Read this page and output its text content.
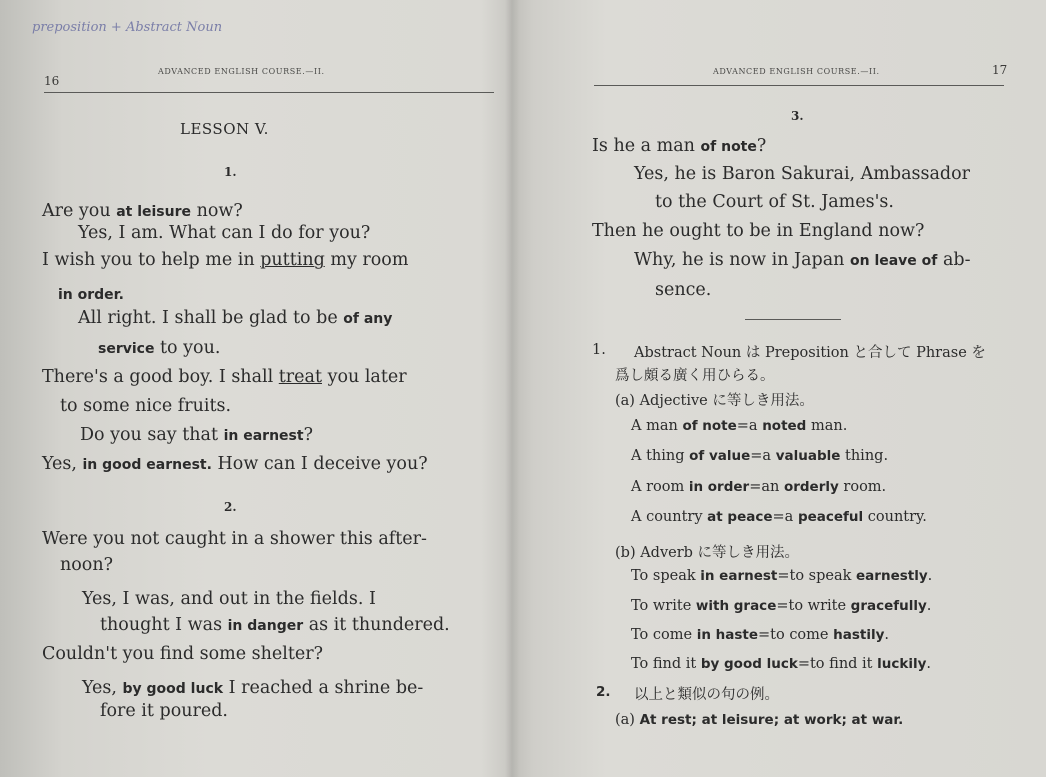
preposition + Abstract Noun
16
ADVANCED ENGLISH COURSE.—II.
LESSON V.
1.
Are you at leisure now?
Yes, I am. What can I do for you?
I wish you to help me in putting my room
in order.
All right. I shall be glad to be of any
service to you.
There's a good boy. I shall treat you later
to some nice fruits.
Do you say that in earnest?
Yes, in good earnest. How can I deceive you?
2.
Were you not caught in a shower this after-
noon?
Yes, I was, and out in the fields. I
thought I was in danger as it thundered.
Couldn't you find some shelter?
Yes, by good luck I reached a shrine be-
fore it poured.
ADVANCED ENGLISH COURSE.—II.	17
3.
Is he a man of note?
Yes, he is Baron Sakurai, Ambassador
to the Court of St. James's.
Then he ought to be in England now?
Why, he is now in Japan on leave of ab-
sence.
1. Abstract Noun は Preposition と合して Phrase を
爲し頗る廣く用ひらる。
(a) Adjective に等しき用法。
A man of note=a noted man.
A thing of value=a valuable thing.
A room in order=an orderly room.
A country at peace=a peaceful country.
(b) Adverb に等しき用法。
To speak in earnest=to speak earnestly.
To write with grace=to write gracefully.
To come in haste=to come hastily.
To find it by good luck=to find it luckily.
2. 以上と類似の句の例。
(a) At rest; at leisure; at work; at war.
